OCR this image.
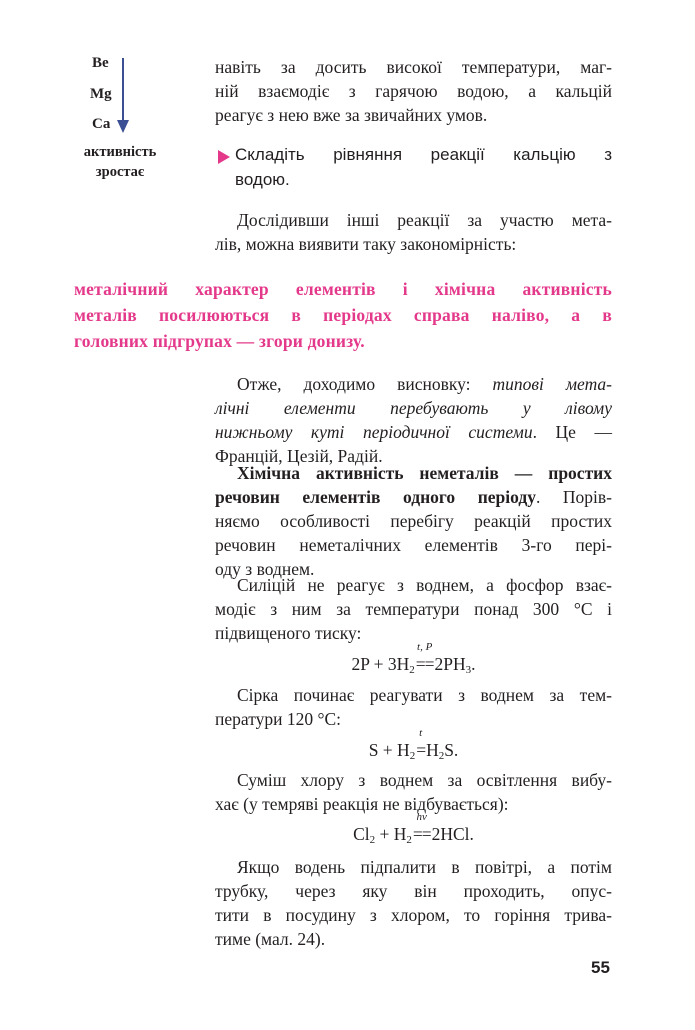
Be
Mg
Ca
активність
зростає
навіть за досить високої температури, маг-
ній взаємодіє з гарячою водою, а кальцій
реагує з нею вже за звичайних умов.
Складіть рівняння реакції кальцію з
водою.
Дослідивши інші реакції за участю мета-
лів, можна виявити таку закономірність:
металічний характер елементів і хімічна активність
металів посилюються в періодах справа наліво, а в
головних підгрупах — згори донизу.
Отже, доходимо висновку: типові мета-
лічні елементи перебувають у лівому
нижньому куті періодичної системи. Це —
Францій, Цезій, Радій.
Хімічна активність неметалів — простих
речовин елементів одного періоду. Порів-
няємо особливості перебігу реакцій простих
речовин неметалічних елементів 3-го пері-
оду з воднем.
Силіцій не реагує з воднем, а фосфор взає-
модіє з ним за температури понад 300 °С і
підвищеного тиску:
$2P + 3H_2$
t, P
$==2PH_3$.
Сірка починає реагувати з воднем за тем-
ператури 120 °С:
$S + H_2$
t
$=H_2S$.
Суміш хлору з воднем за освітлення вибу-
хає (у темряві реакція не відбувається):
$Cl_2 + H_2$
hν
==2HCl.
Якщо водень підпалити в повітрі, а потім
трубку, через яку він проходить, опус-
тити в посудину з хлором, то горіння трива-
тиме (мал. 24).
55
